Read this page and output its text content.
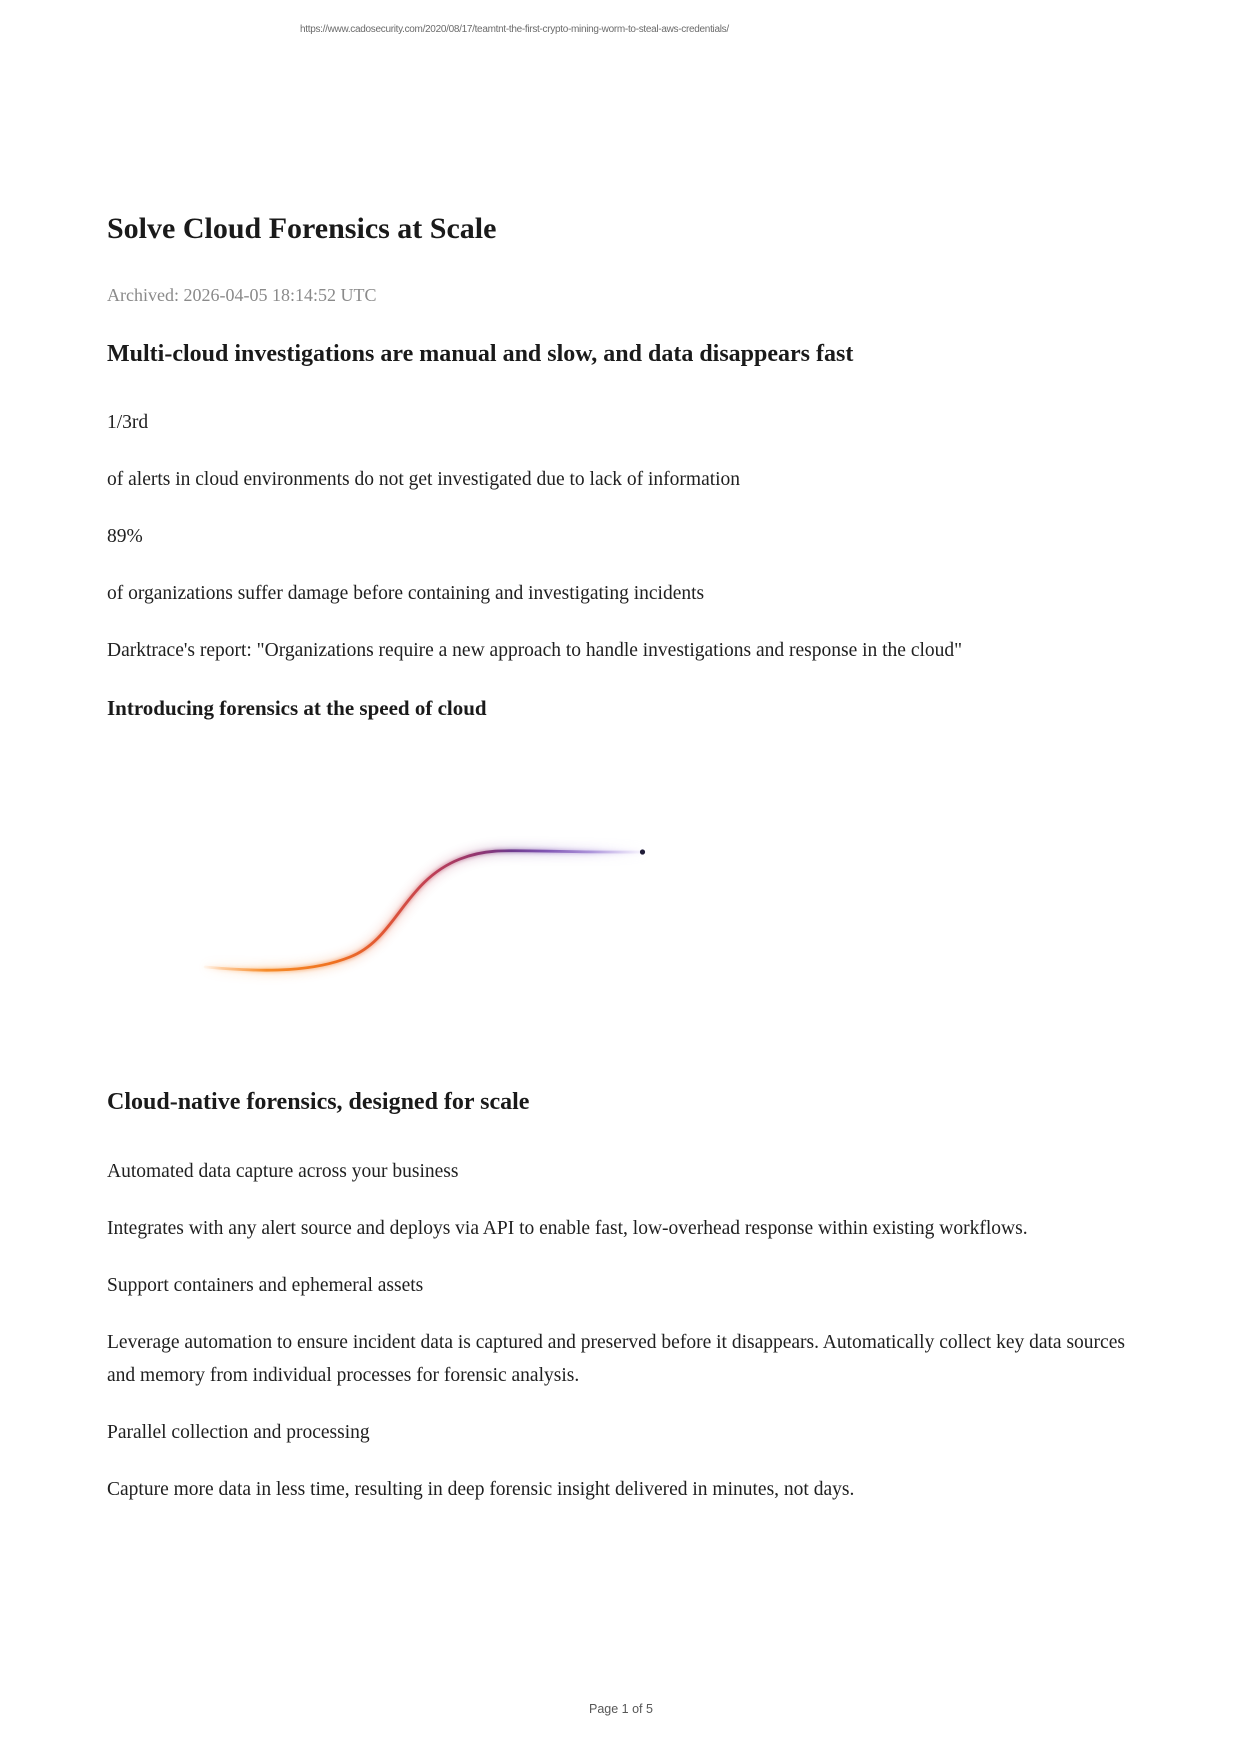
https://www.cadosecurity.com/2020/08/17/teamtnt-the-first-crypto-mining-worm-to-steal-aws-credentials/
Solve Cloud Forensics at Scale

Archived: 2026-04-05 18:14:52 UTC

Multi-cloud investigations are manual and slow, and data disappears fast

1/3rd

of alerts in cloud environments do not get investigated due to lack of information

89%

of organizations suffer damage before containing and investigating incidents

Darktrace's report: "Organizations require a new approach to handle investigations and response in the cloud"

Introducing forensics at the speed of cloud
Cloud-native forensics, designed for scale

Automated data capture across your business

Integrates with any alert source and deploys via API to enable fast, low-overhead response within existing workflows.

Support containers and ephemeral assets

Leverage automation to ensure incident data is captured and preserved before it disappears. Automatically collect key data sources and memory from individual processes for forensic analysis.

Parallel collection and processing

Capture more data in less time, resulting in deep forensic insight delivered in minutes, not days.

Page 1 of 5
